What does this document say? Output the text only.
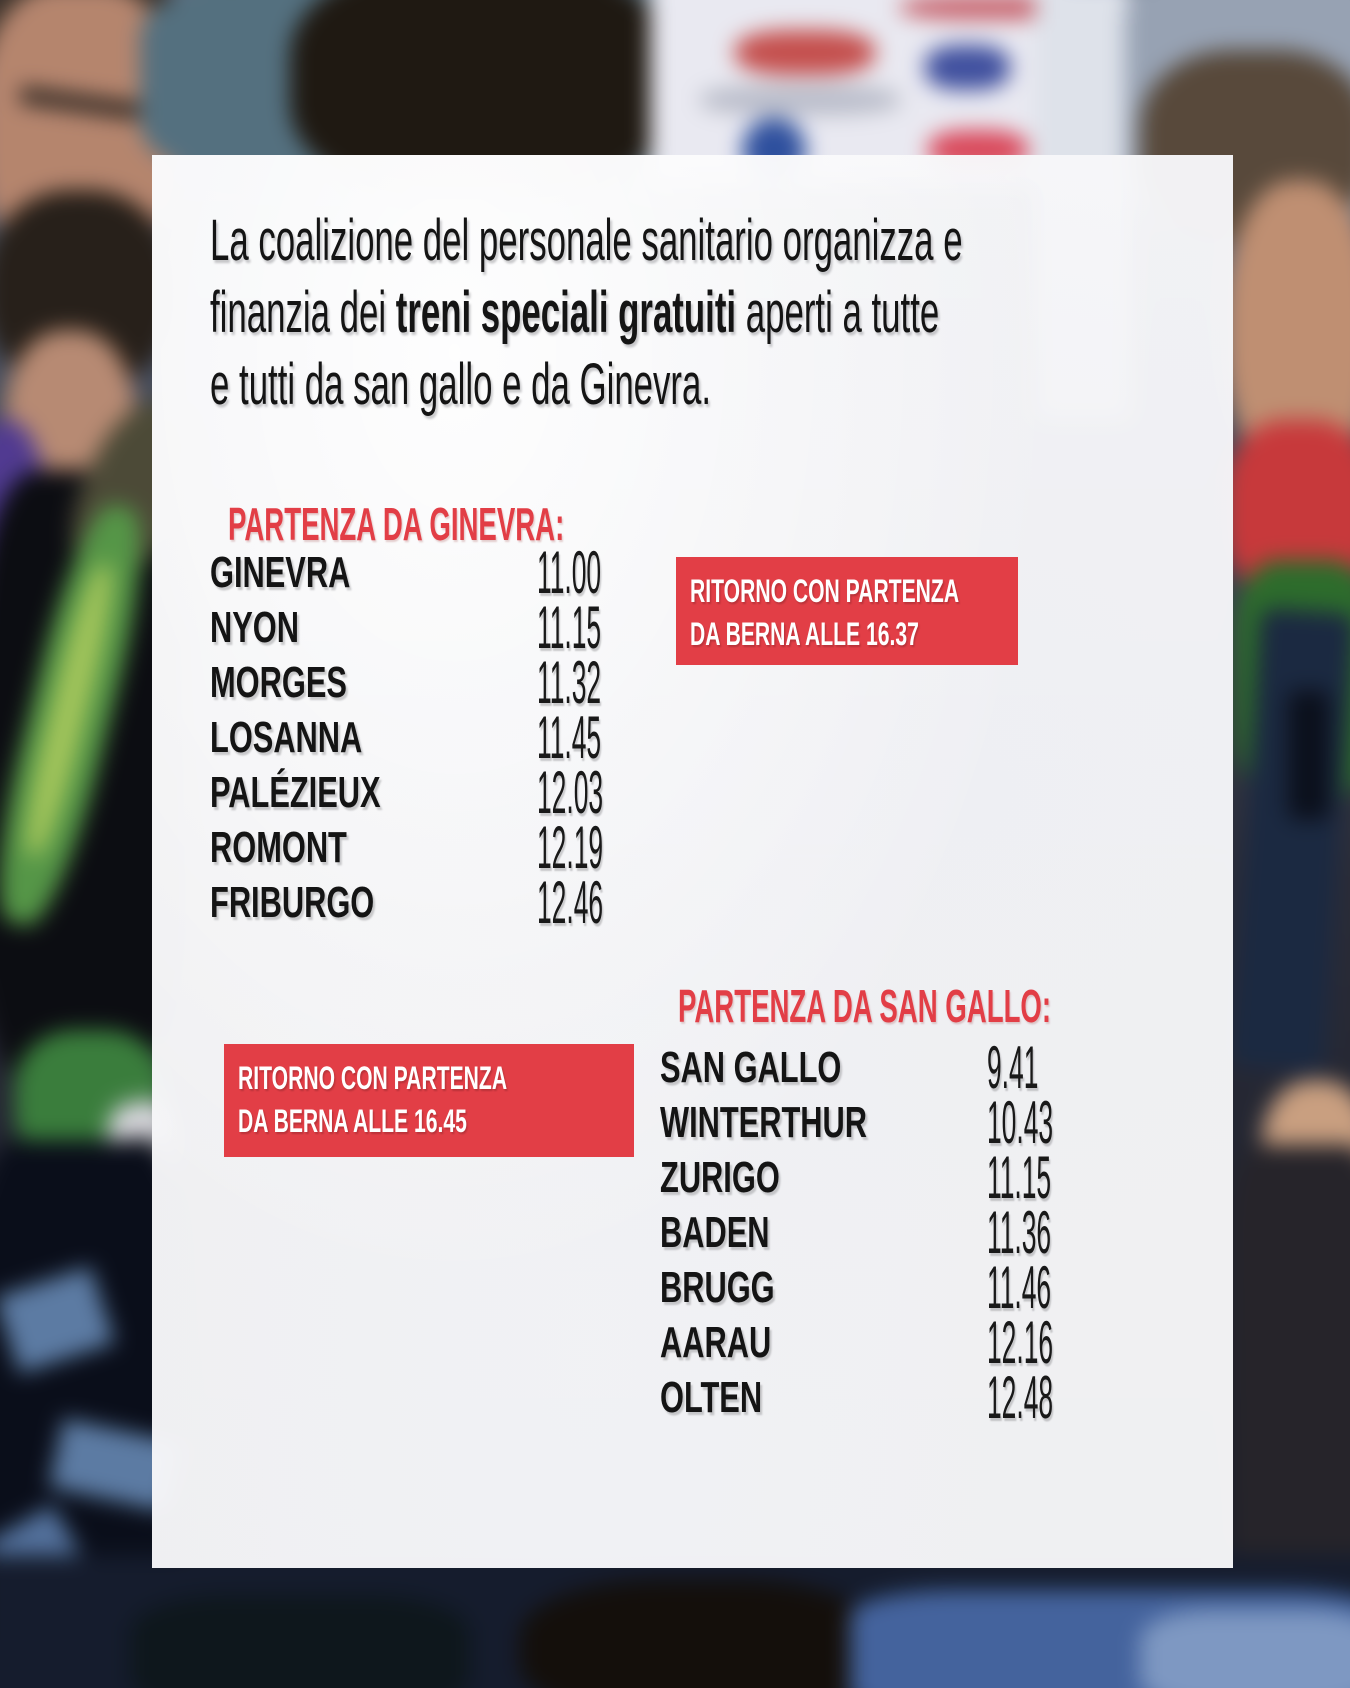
La coalizione del personale sanitario organizza e
finanzia dei treni speciali gratuiti aperti a tutte
e tutti da san gallo e da Ginevra.
PARTENZA DA GINEVRA:
GINEVRA	11.00
NYON	11.15
MORGES	11.32
LOSANNA	11.45
PALÉZIEUX	12.03
ROMONT	12.19
FRIBURGO	12.46
RITORNO CON PARTENZA
DA BERNA ALLE 16.37
RITORNO CON PARTENZA
DA BERNA ALLE 16.45
PARTENZA DA SAN GALLO:
SAN GALLO 9.41
WINTERTHUR 10.43
ZURIGO	11.15
BADEN	11.36
BRUGG	11.46
AARAU	12.16
OLTEN	12.48
